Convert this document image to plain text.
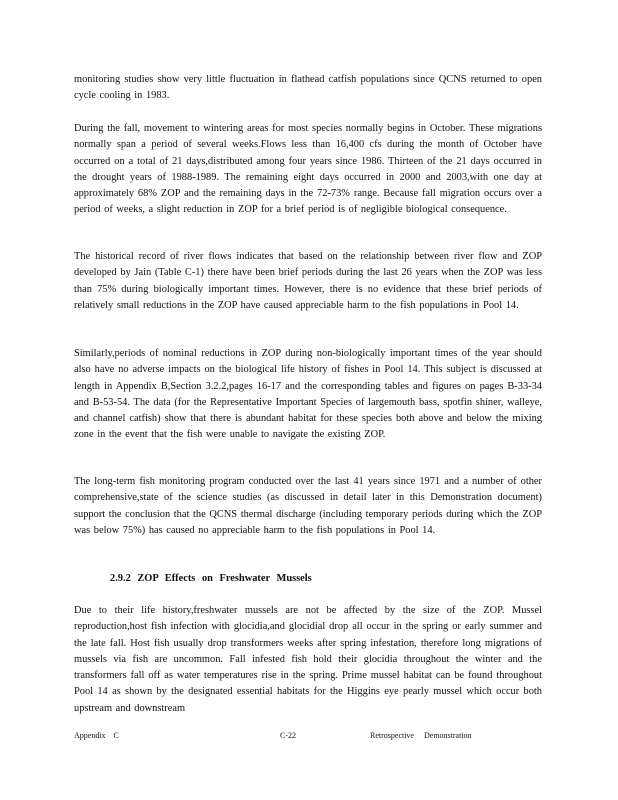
monitoring studies show very little fluctuation in flathead catfish populations since QCNS returned to open cycle cooling in 1983.

During the fall, movement to wintering areas for most species normally begins in October. These migrations normally span a period of several weeks.Flows less than 16,400 cfs during the month of October have occurred on a total of 21 days,distributed among four years since 1986. Thirteen of the 21 days occurred in the drought years of 1988-1989. The remaining eight days occurred in 2000 and 2003,with one day at approximately 68% ZOP and the remaining days in the 72-73% range. Because fall migration occurs over a period of weeks, a slight reduction in ZOP for a brief period is of negligible biological consequence.

The historical record of river flows indicates that based on the relationship between river flow and ZOP developed by Jain (Table C-1) there have been brief periods during the last 26 years when the ZOP was less than 75% during biologically important times. However, there is no evidence that these brief periods of relatively small reductions in the ZOP have caused appreciable harm to the fish populations in Pool 14.

Similarly,periods of nominal reductions in ZOP during non-biologically important times of the year should also have no adverse impacts on the biological life history of fishes in Pool 14. This subject is discussed at length in Appendix B,Section 3.2.2,pages 16-17 and the corresponding tables and figures on pages B-33-34 and B-53-54. The data (for the Representative Important Species of largemouth bass, spotfin shiner, walleye, and channel catfish) show that there is abundant habitat for these species both above and below the mixing zone in the event that the fish were unable to navigate the existing ZOP.

The long-term fish monitoring program conducted over the last 41 years since 1971 and a number of other comprehensive,state of the science studies (as discussed in detail later in this Demonstration document) support the conclusion that the QCNS thermal discharge (including temporary periods during which the ZOP was below 75%) has caused no appreciable harm to the fish populations in Pool 14.

2.9.2 ZOP Effects on Freshwater Mussels

Due to their life history,freshwater mussels are not be affected by the size of the ZOP. Mussel reproduction,host fish infection with glocidia,and glocidial drop all occur in the spring or early summer and the late fall. Host fish usually drop transformers weeks after spring infestation, therefore long migrations of mussels via fish are uncommon. Fall infested fish hold their glocidia throughout the winter and the transformers fall off as water temperatures rise in the spring. Prime mussel habitat can be found throughout Pool 14 as shown by the designated essential habitats for the Higgins eye pearly mussel which occur both upstream and downstream

Appendix C	C-22	Retrospective Demonstration
